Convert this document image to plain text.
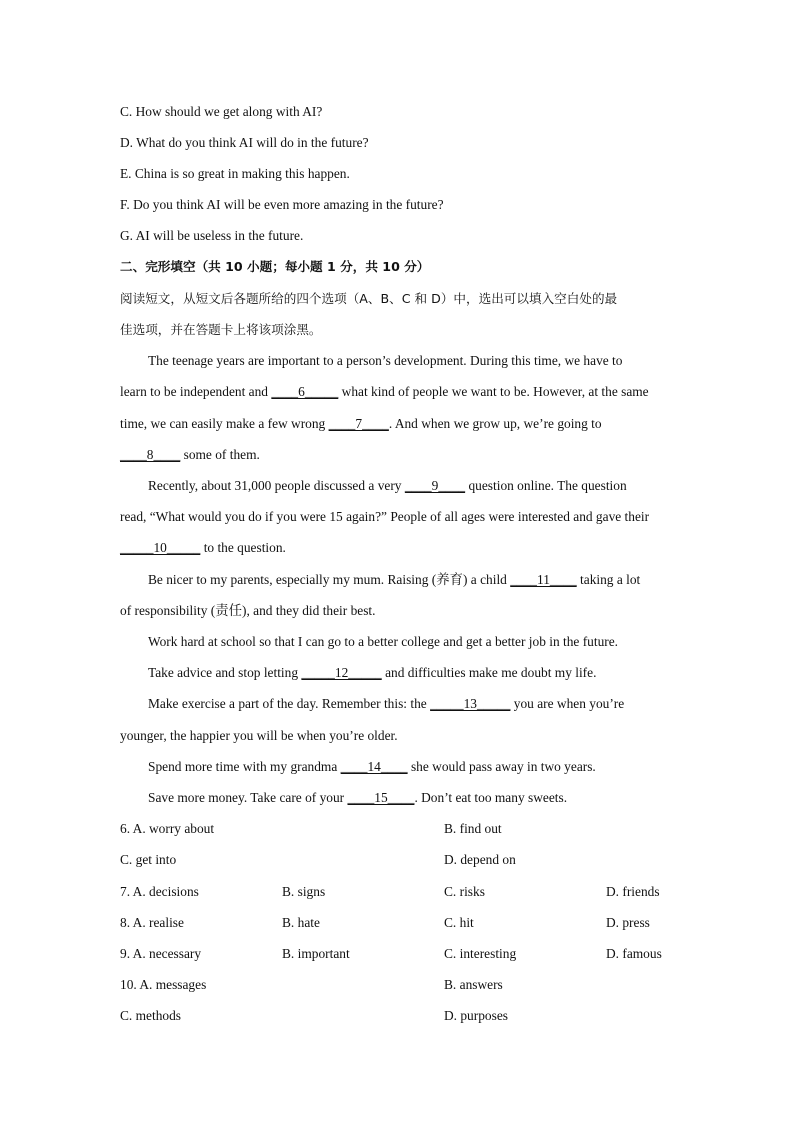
C. How should we get along with AI?
D. What do you think AI will do in the future?
E. China is so great in making this happen.
F. Do you think AI will be even more amazing in the future?
G. AI will be useless in the future.
二、完形填空（共 10 小题；每小题 1 分，共 10 分）
阅读短文，从短文后各题所给的四个选项（A、B、C 和 D）中，选出可以填入空白处的最
佳选项，并在答题卡上将该项涂黑。
The teenage years are important to a person’s development. During this time, we have to
learn to be independent and ____6_____ what kind of people we want to be. However, at the same
time, we can easily make a few wrong ____7____. And when we grow up, we’re going to
____8____ some of them.
Recently, about 31,000 people discussed a very ____9____ question online. The question
read, “What would you do if you were 15 again?” People of all ages were interested and gave their
_____10_____ to the question.
Be nicer to my parents, especially my mum. Raising (养育) a child ____11____ taking a lot
of responsibility (责任), and they did their best.
Work hard at school so that I can go to a better college and get a better job in the future.
Take advice and stop letting _____12_____ and difficulties make me doubt my life.
Make exercise a part of the day. Remember this: the _____13_____ you are when you’re
younger, the happier you will be when you’re older.
Spend more time with my grandma ____14____ she would pass away in two years.
Save more money. Take care of your ____15____. Don’t eat too many sweets.
6. A. worry about	B. find out
C. get into	D. depend on
7. A. decisions	B. signs	C. risks	D. friends
8. A. realise	B. hate	C. hit	D. press
9. A. necessary	B. important	C. interesting	D. famous
10. A. messages	B. answers
C. methods	D. purposes
